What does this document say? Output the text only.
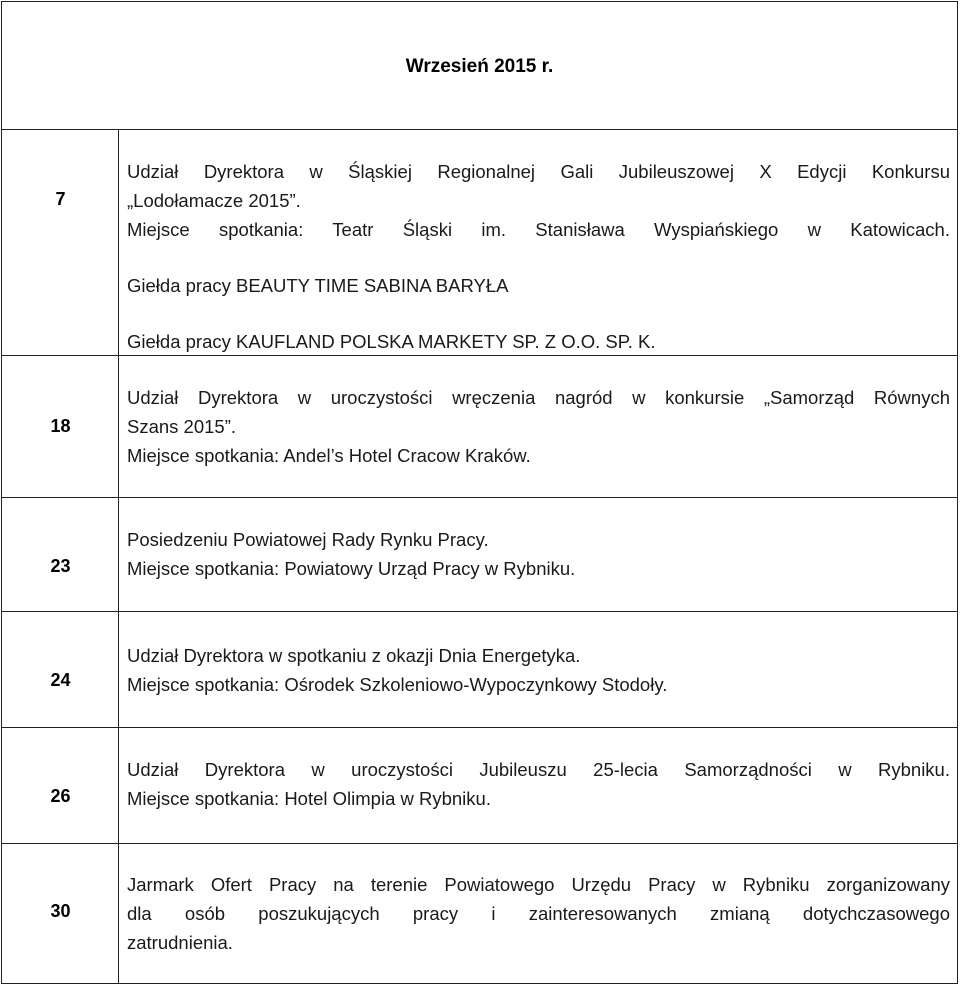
Wrzesień 2015 r.
7
Udział Dyrektora w Śląskiej Regionalnej Gali Jubileuszowej X Edycji Konkursu
„Lodołamacze 2015”.
Miejsce spotkania: Teatr Śląski im. Stanisława Wyspiańskiego w Katowicach.
Giełda pracy BEAUTY TIME SABINA BARYŁA
Giełda pracy KAUFLAND POLSKA MARKETY SP. Z O.O. SP. K.
18
Udział Dyrektora w uroczystości wręczenia nagród w konkursie „Samorząd Równych
Szans 2015”.
Miejsce spotkania: Andel’s Hotel Cracow Kraków.
23
Posiedzeniu Powiatowej Rady Rynku Pracy.
Miejsce spotkania: Powiatowy Urząd Pracy w Rybniku.
24
Udział Dyrektora w spotkaniu z okazji Dnia Energetyka.
Miejsce spotkania: Ośrodek Szkoleniowo-Wypoczynkowy Stodoły.
26
Udział Dyrektora w uroczystości Jubileuszu 25-lecia Samorządności w Rybniku.
Miejsce spotkania: Hotel Olimpia w Rybniku.
30
Jarmark Ofert Pracy na terenie Powiatowego Urzędu Pracy w Rybniku zorganizowany
dla osób poszukujących pracy i zainteresowanych zmianą dotychczasowego
zatrudnienia.
